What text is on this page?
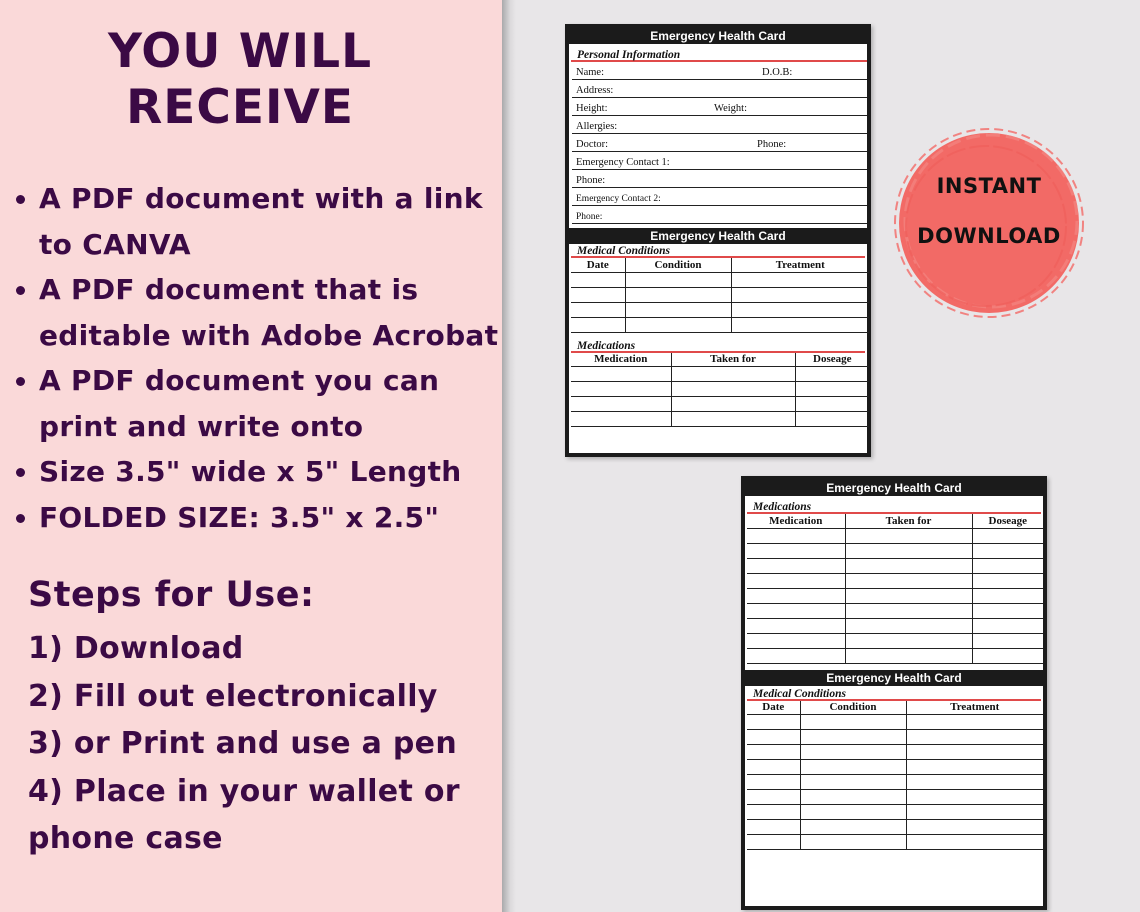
YOU WILL
RECEIVE
A PDF document with a link to CANVA
A PDF document that is editable with Adobe Acrobat
A PDF document you can print and write onto
Size 3.5" wide x 5" Length
FOLDED SIZE: 3.5" x 2.5"
Steps for Use:
1) Download
2) Fill out electronically
3) or Print and use a pen
4) Place in your wallet or phone case
Emergency Health Card
Personal Information
Name:	D.O.B:
Address:
Height:	Weight:
Allergies:
Doctor:	Phone:
Emergency Contact 1:
Phone:
Emergency Contact 2:
Phone:
Emergency Health Card
Medical Conditions
Date	Condition	Treatment

Medications
Medication	Taken for	Doseage

INSTANT
DOWNLOAD
Emergency Health Card
Medications
Medication	Taken for	Doseage

Emergency Health Card
Medical Conditions
Date	Condition	Treatment
